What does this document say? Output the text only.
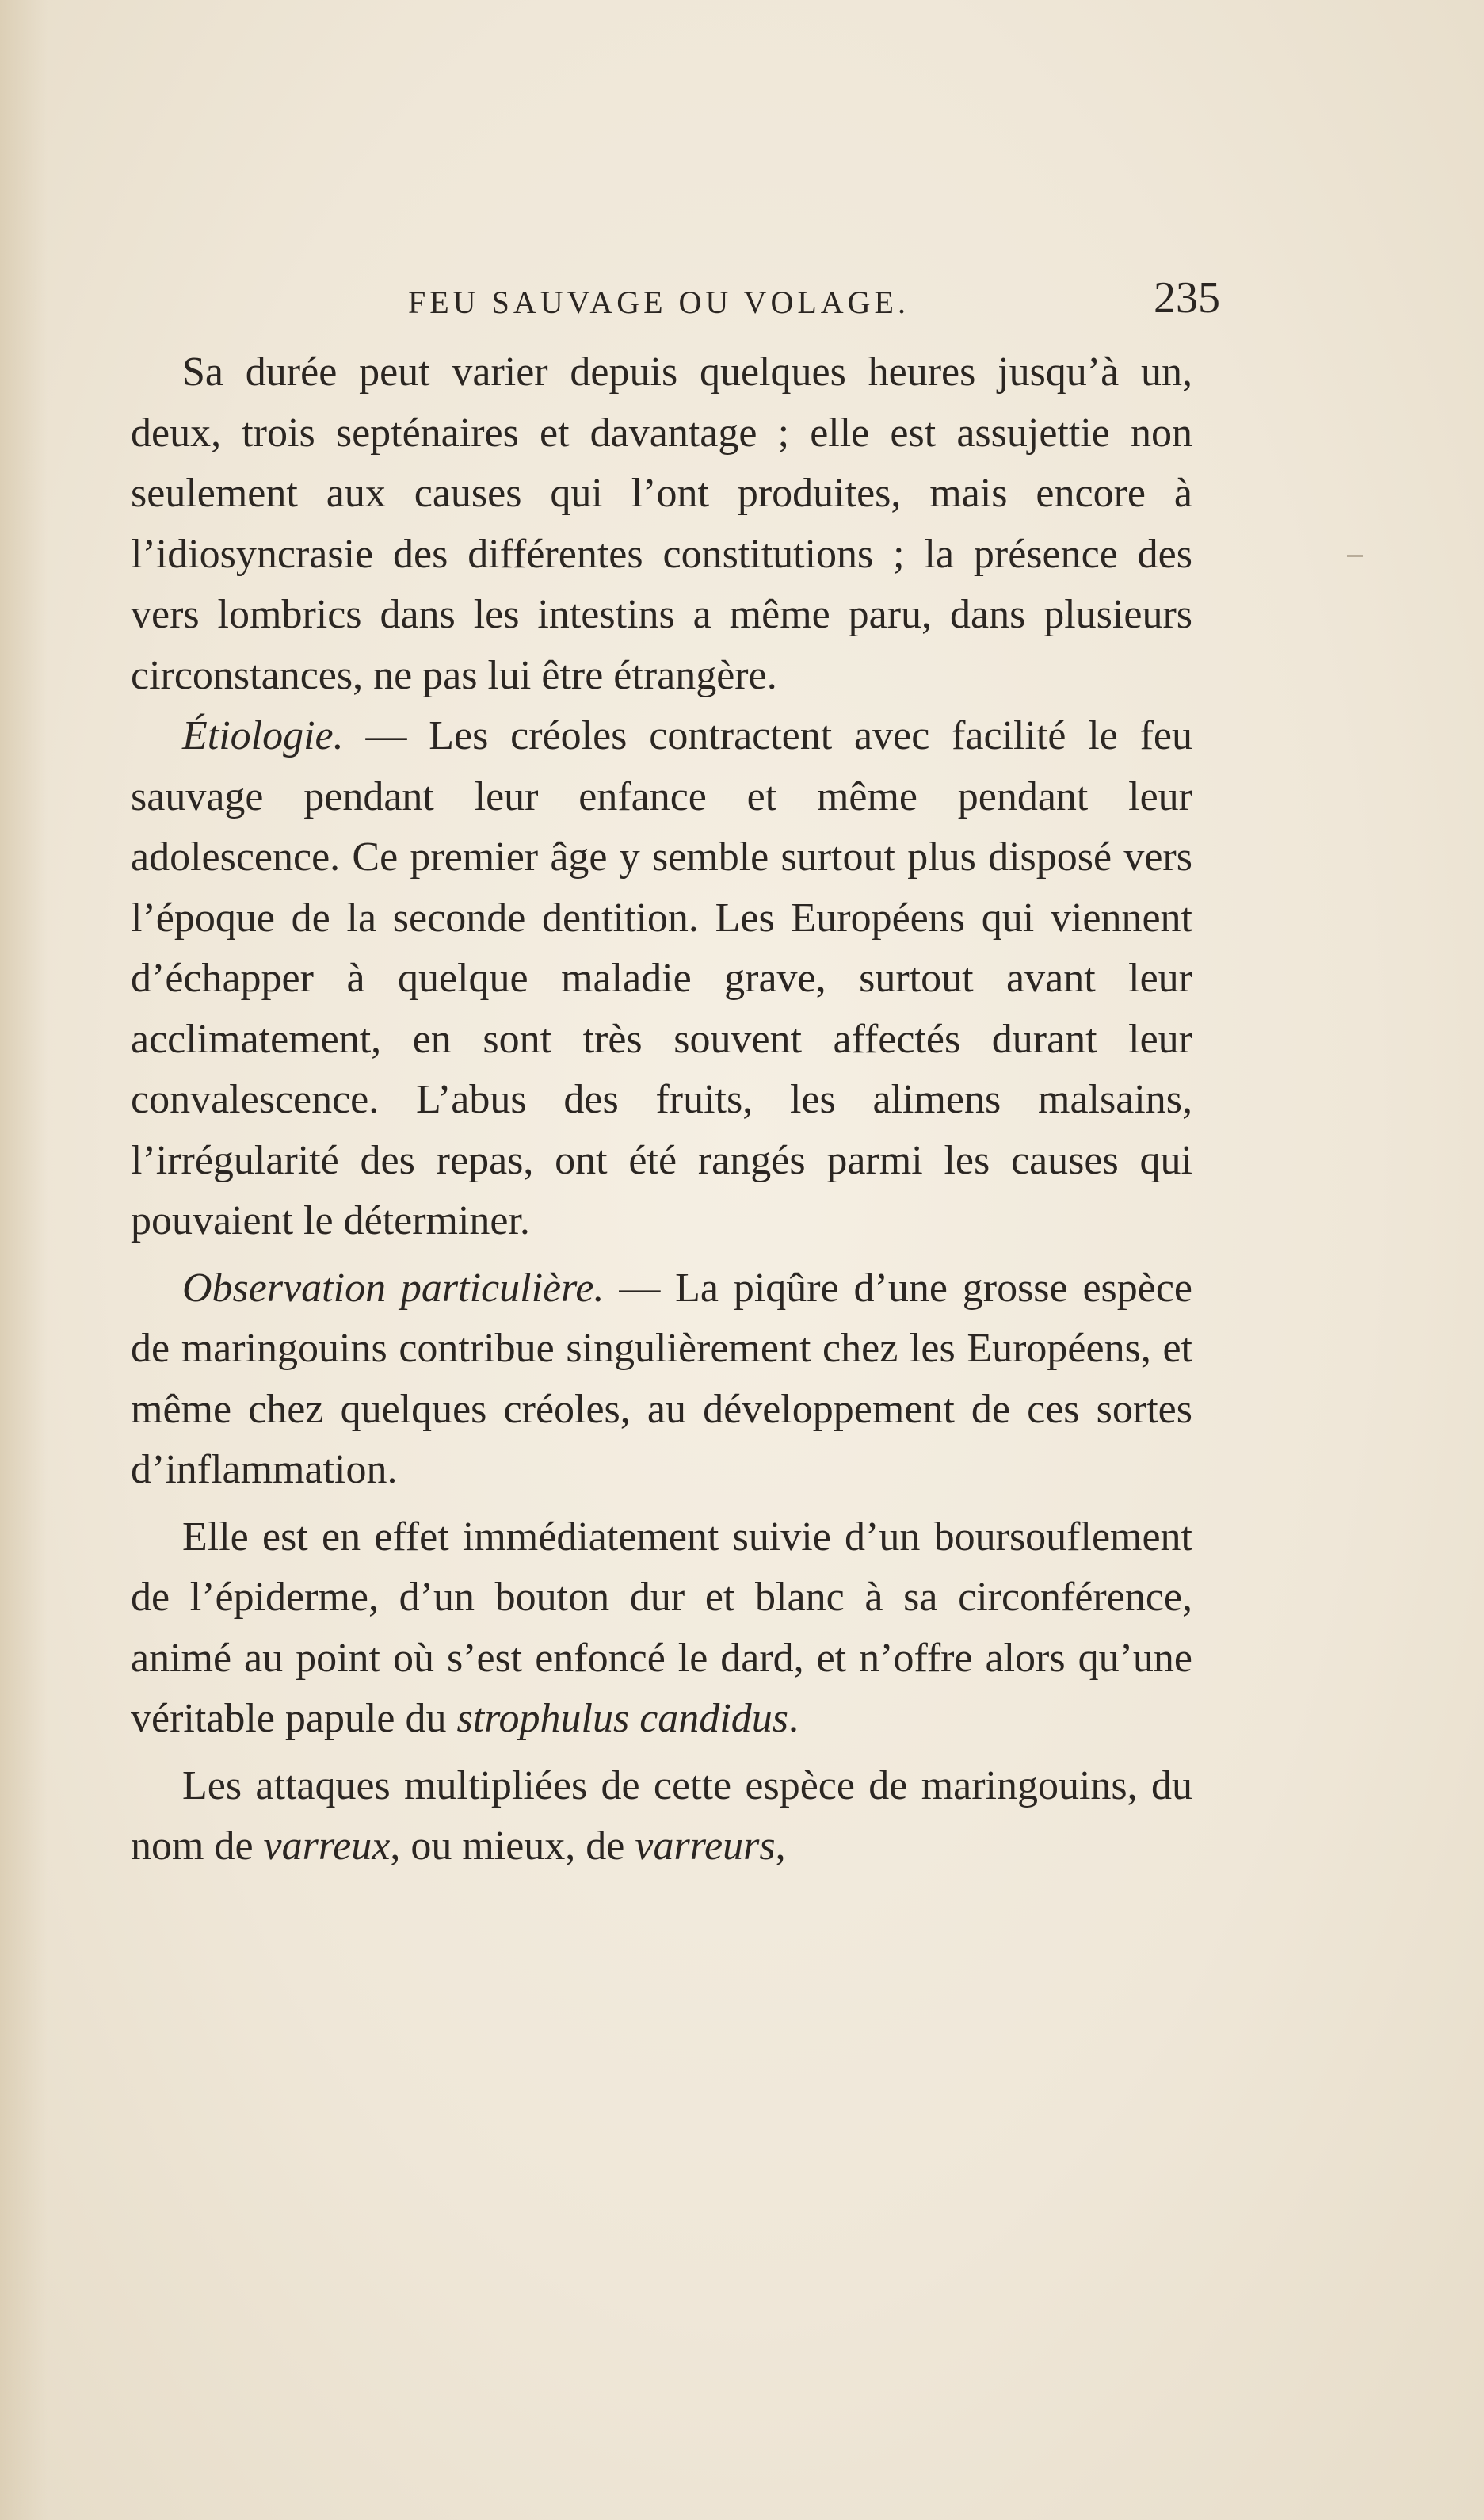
FEU SAUVAGE OU VOLAGE.	235

Sa durée peut varier depuis quelques heures jusqu’à un, deux, trois septénaires et davantage ; elle est assujettie non seulement aux causes qui l’ont produites, mais encore à l’idiosyncrasie des différentes constitutions ; la présence des vers lombrics dans les intestins a même paru, dans plusieurs circonstances, ne pas lui être étrangère.

Étiologie. — Les créoles contractent avec facilité le feu sauvage pendant leur enfance et même pendant leur adolescence. Ce premier âge y semble surtout plus disposé vers l’époque de la seconde dentition. Les Européens qui viennent d’échapper à quelque maladie grave, surtout avant leur acclimatement, en sont très souvent affectés durant leur convalescence. L’abus des fruits, les alimens malsains, l’irrégularité des repas, ont été rangés parmi les causes qui pouvaient le déterminer.

Observation particulière. — La piqûre d’une grosse espèce de maringouins contribue singulièrement chez les Européens, et même chez quelques créoles, au développement de ces sortes d’inflammation.

Elle est en effet immédiatement suivie d’un boursouflement de l’épiderme, d’un bouton dur et blanc à sa circonférence, animé au point où s’est enfoncé le dard, et n’offre alors qu’une véritable papule du strophulus candidus.

Les attaques multipliées de cette espèce de maringouins, du nom de varreux, ou mieux, de varreurs,
